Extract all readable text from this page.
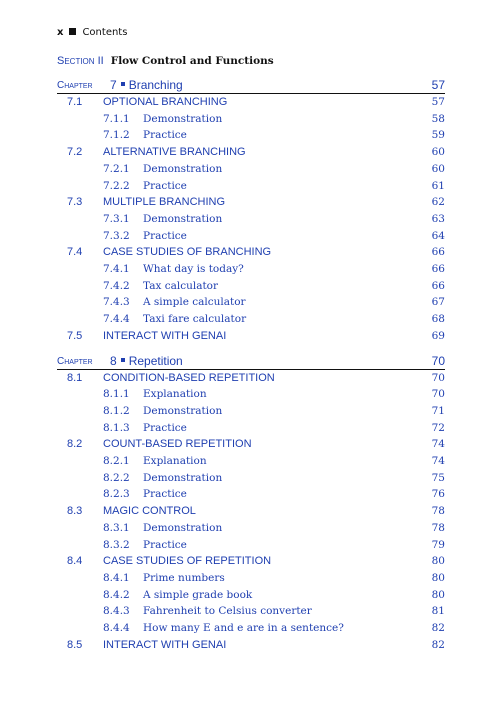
x Contents
Section II Flow Control and Functions
Chapter 7 Branching	57
7.1 OPTIONAL BRANCHING	57
7.1.1 Demonstration	58
7.1.2 Practice	59
7.2 ALTERNATIVE BRANCHING	60
7.2.1 Demonstration	60
7.2.2 Practice	61
7.3 MULTIPLE BRANCHING	62
7.3.1 Demonstration	63
7.3.2 Practice	64
7.4 CASE STUDIES OF BRANCHING	66
7.4.1 What day is today?	66
7.4.2 Tax calculator	66
7.4.3 A simple calculator	67
7.4.4 Taxi fare calculator	68
7.5 INTERACT WITH GENAI	69
Chapter 8 Repetition	70
8.1 CONDITION-BASED REPETITION	70
8.1.1 Explanation	70
8.1.2 Demonstration	71
8.1.3 Practice	72
8.2 COUNT-BASED REPETITION	74
8.2.1 Explanation	74
8.2.2 Demonstration	75
8.2.3 Practice	76
8.3 MAGIC CONTROL	78
8.3.1 Demonstration	78
8.3.2 Practice	79
8.4 CASE STUDIES OF REPETITION	80
8.4.1 Prime numbers	80
8.4.2 A simple grade book	80
8.4.3 Fahrenheit to Celsius converter	81
8.4.4 How many E and e are in a sentence?	82
8.5 INTERACT WITH GENAI	82
